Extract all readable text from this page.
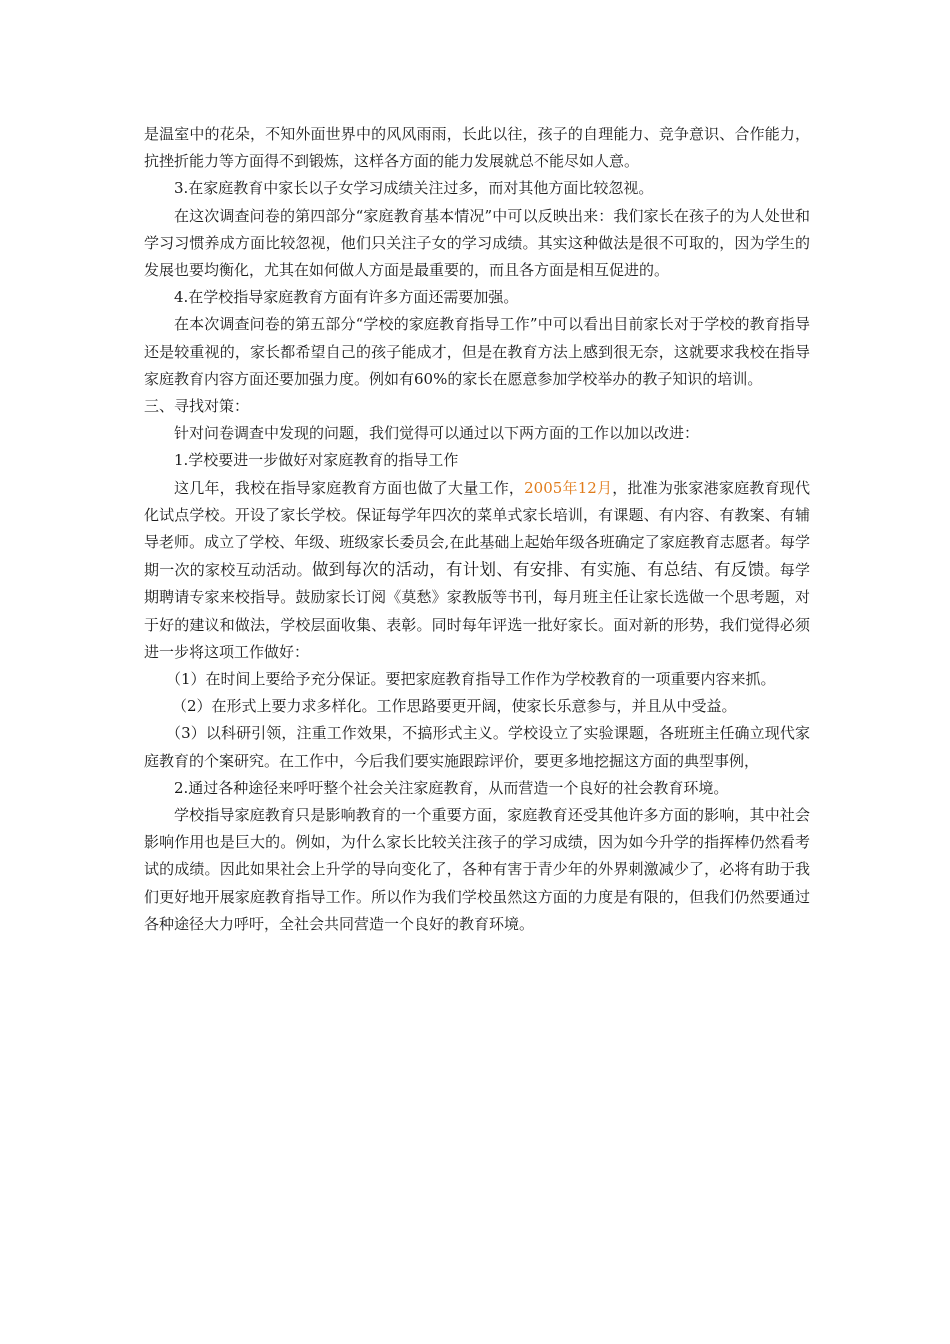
是温室中的花朵，不知外面世界中的风风雨雨，长此以往，孩子的自理能力、竞争意识、合作能力，抗挫折能力等方面得不到锻炼，这样各方面的能力发展就总不能尽如人意。

3.在家庭教育中家长以子女学习成绩关注过多，而对其他方面比较忽视。

在这次调查问卷的第四部分“家庭教育基本情况”中可以反映出来：我们家长在孩子的为人处世和学习习惯养成方面比较忽视，他们只关注子女的学习成绩。其实这种做法是很不可取的，因为学生的发展也要均衡化，尤其在如何做人方面是最重要的，而且各方面是相互促进的。

4.在学校指导家庭教育方面有许多方面还需要加强。

在本次调查问卷的第五部分“学校的家庭教育指导工作”中可以看出目前家长对于学校的教育指导还是较重视的，家长都希望自己的孩子能成才，但是在教育方法上感到很无奈，这就要求我校在指导家庭教育内容方面还要加强力度。例如有60%的家长在愿意参加学校举办的教子知识的培训。

三、寻找对策：

针对问卷调查中发现的问题，我们觉得可以通过以下两方面的工作以加以改进：

1.学校要进一步做好对家庭教育的指导工作

这几年，我校在指导家庭教育方面也做了大量工作，2005年12月，批准为张家港家庭教育现代化试点学校。开设了家长学校。保证每学年四次的菜单式家长培训，有课题、有内容、有教案、有辅导老师。成立了学校、年级、班级家长委员会,在此基础上起始年级各班确定了家庭教育志愿者。每学期一次的家校互动活动。做到每次的活动，有计划、有安排、有实施、有总结、有反馈。每学期聘请专家来校指导。鼓励家长订阅《莫愁》家教版等书刊，每月班主任让家长选做一个思考题，对于好的建议和做法，学校层面收集、表彰。同时每年评选一批好家长。面对新的形势，我们觉得必须进一步将这项工作做好：

（1）在时间上要给予充分保证。要把家庭教育指导工作作为学校教育的一项重要内容来抓。

（2）在形式上要力求多样化。工作思路要更开阔，使家长乐意参与，并且从中受益。

（3）以科研引领，注重工作效果，不搞形式主义。学校设立了实验课题，各班班主任确立现代家庭教育的个案研究。在工作中，今后我们要实施跟踪评价，要更多地挖掘这方面的典型事例，

2.通过各种途径来呼吁整个社会关注家庭教育，从而营造一个良好的社会教育环境。

学校指导家庭教育只是影响教育的一个重要方面，家庭教育还受其他许多方面的影响，其中社会影响作用也是巨大的。例如，为什么家长比较关注孩子的学习成绩，因为如今升学的指挥棒仍然看考试的成绩。因此如果社会上升学的导向变化了，各种有害于青少年的外界刺激减少了，必将有助于我们更好地开展家庭教育指导工作。所以作为我们学校虽然这方面的力度是有限的，但我们仍然要通过各种途径大力呼吁，全社会共同营造一个良好的教育环境。
